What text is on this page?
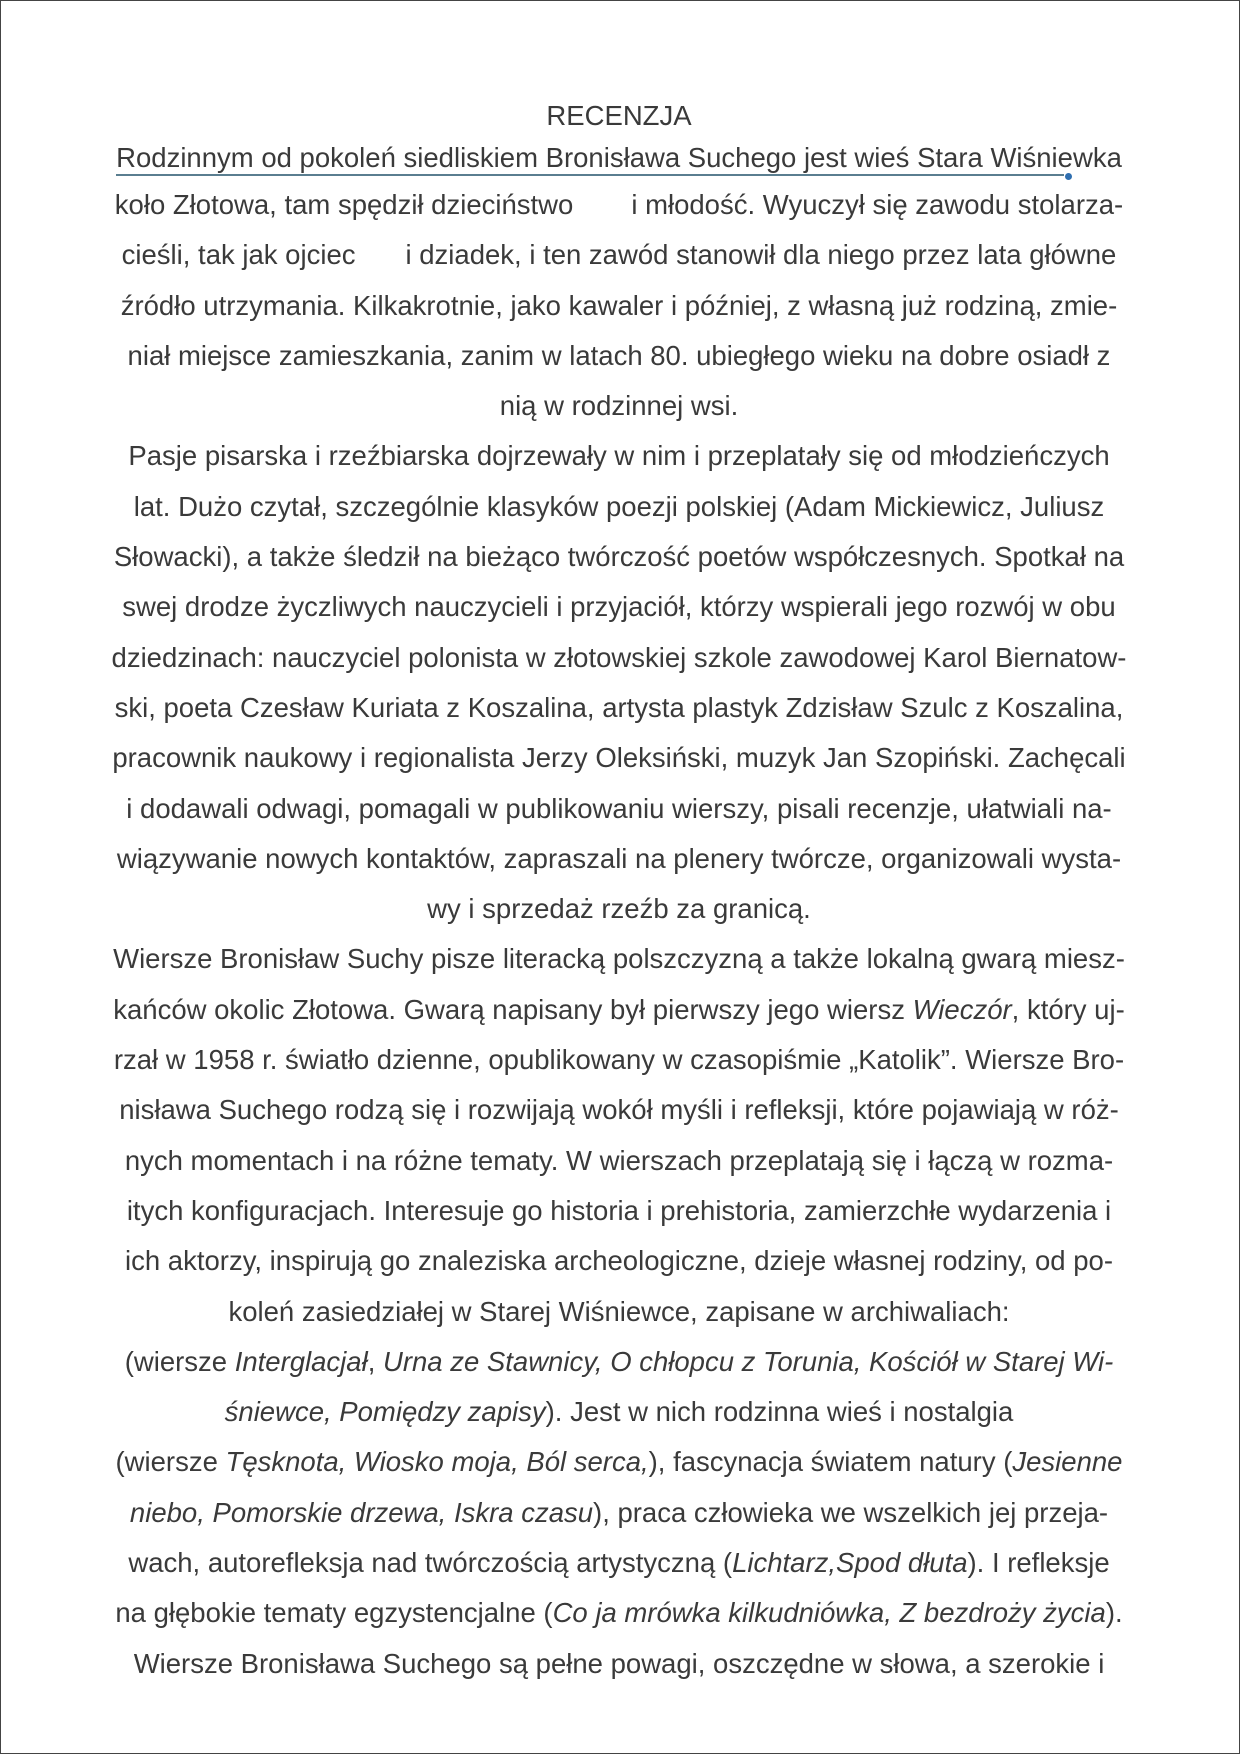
RECENZJA
Rodzinnym od pokoleń siedliskiem Bronisława Suchego jest wieś Stara Wiśniewka
koło Złotowa, tam spędził dzieciństwo i młodość. Wyuczył się zawodu stolarza-
cieśli, tak jak ojciec i dziadek, i ten zawód stanowił dla niego przez lata główne
źródło utrzymania. Kilkakrotnie, jako kawaler i później, z własną już rodziną, zmie-
niał miejsce zamieszkania, zanim w latach 80. ubiegłego wieku na dobre osiadł z
nią w rodzinnej wsi.
Pasje pisarska i rzeźbiarska dojrzewały w nim i przeplatały się od młodzieńczych
lat. Dużo czytał, szczególnie klasyków poezji polskiej (Adam Mickiewicz, Juliusz
Słowacki), a także śledził na bieżąco twórczość poetów współczesnych. Spotkał na
swej drodze życzliwych nauczycieli i przyjaciół, którzy wspierali jego rozwój w obu
dziedzinach: nauczyciel polonista w złotowskiej szkole zawodowej Karol Biernatow-
ski, poeta Czesław Kuriata z Koszalina, artysta plastyk Zdzisław Szulc z Koszalina,
pracownik naukowy i regionalista Jerzy Oleksiński, muzyk Jan Szopiński. Zachęcali
i dodawali odwagi, pomagali w publikowaniu wierszy, pisali recenzje, ułatwiali na-
wiązywanie nowych kontaktów, zapraszali na plenery twórcze, organizowali wysta-
wy i sprzedaż rzeźb za granicą.
Wiersze Bronisław Suchy pisze literacką polszczyzną a także lokalną gwarą miesz-
kańców okolic Złotowa. Gwarą napisany był pierwszy jego wiersz Wieczór, który uj-
rzał w 1958 r. światło dzienne, opublikowany w czasopiśmie „Katolik”. Wiersze Bro-
nisława Suchego rodzą się i rozwijają wokół myśli i refleksji, które pojawiają w róż-
nych momentach i na różne tematy. W wierszach przeplatają się i łączą w rozma-
itych konfiguracjach. Interesuje go historia i prehistoria, zamierzchłe wydarzenia i
ich aktorzy, inspirują go znaleziska archeologiczne, dzieje własnej rodziny, od po-
koleń zasiedziałej w Starej Wiśniewce, zapisane w archiwaliach:
(wiersze Interglacjał, Urna ze Stawnicy, O chłopcu z Torunia, Kościół w Starej Wi-
śniewce, Pomiędzy zapisy). Jest w nich rodzinna wieś i nostalgia
(wiersze Tęsknota, Wiosko moja, Ból serca,), fascynacja światem natury (Jesienne
niebo, Pomorskie drzewa, Iskra czasu), praca człowieka we wszelkich jej przeja-
wach, autorefleksja nad twórczością artystyczną (Lichtarz,Spod dłuta). I refleksje
na głębokie tematy egzystencjalne (Co ja mrówka kilkudniówka, Z bezdroży życia).
Wiersze Bronisława Suchego są pełne powagi, oszczędne w słowa, a szerokie i
